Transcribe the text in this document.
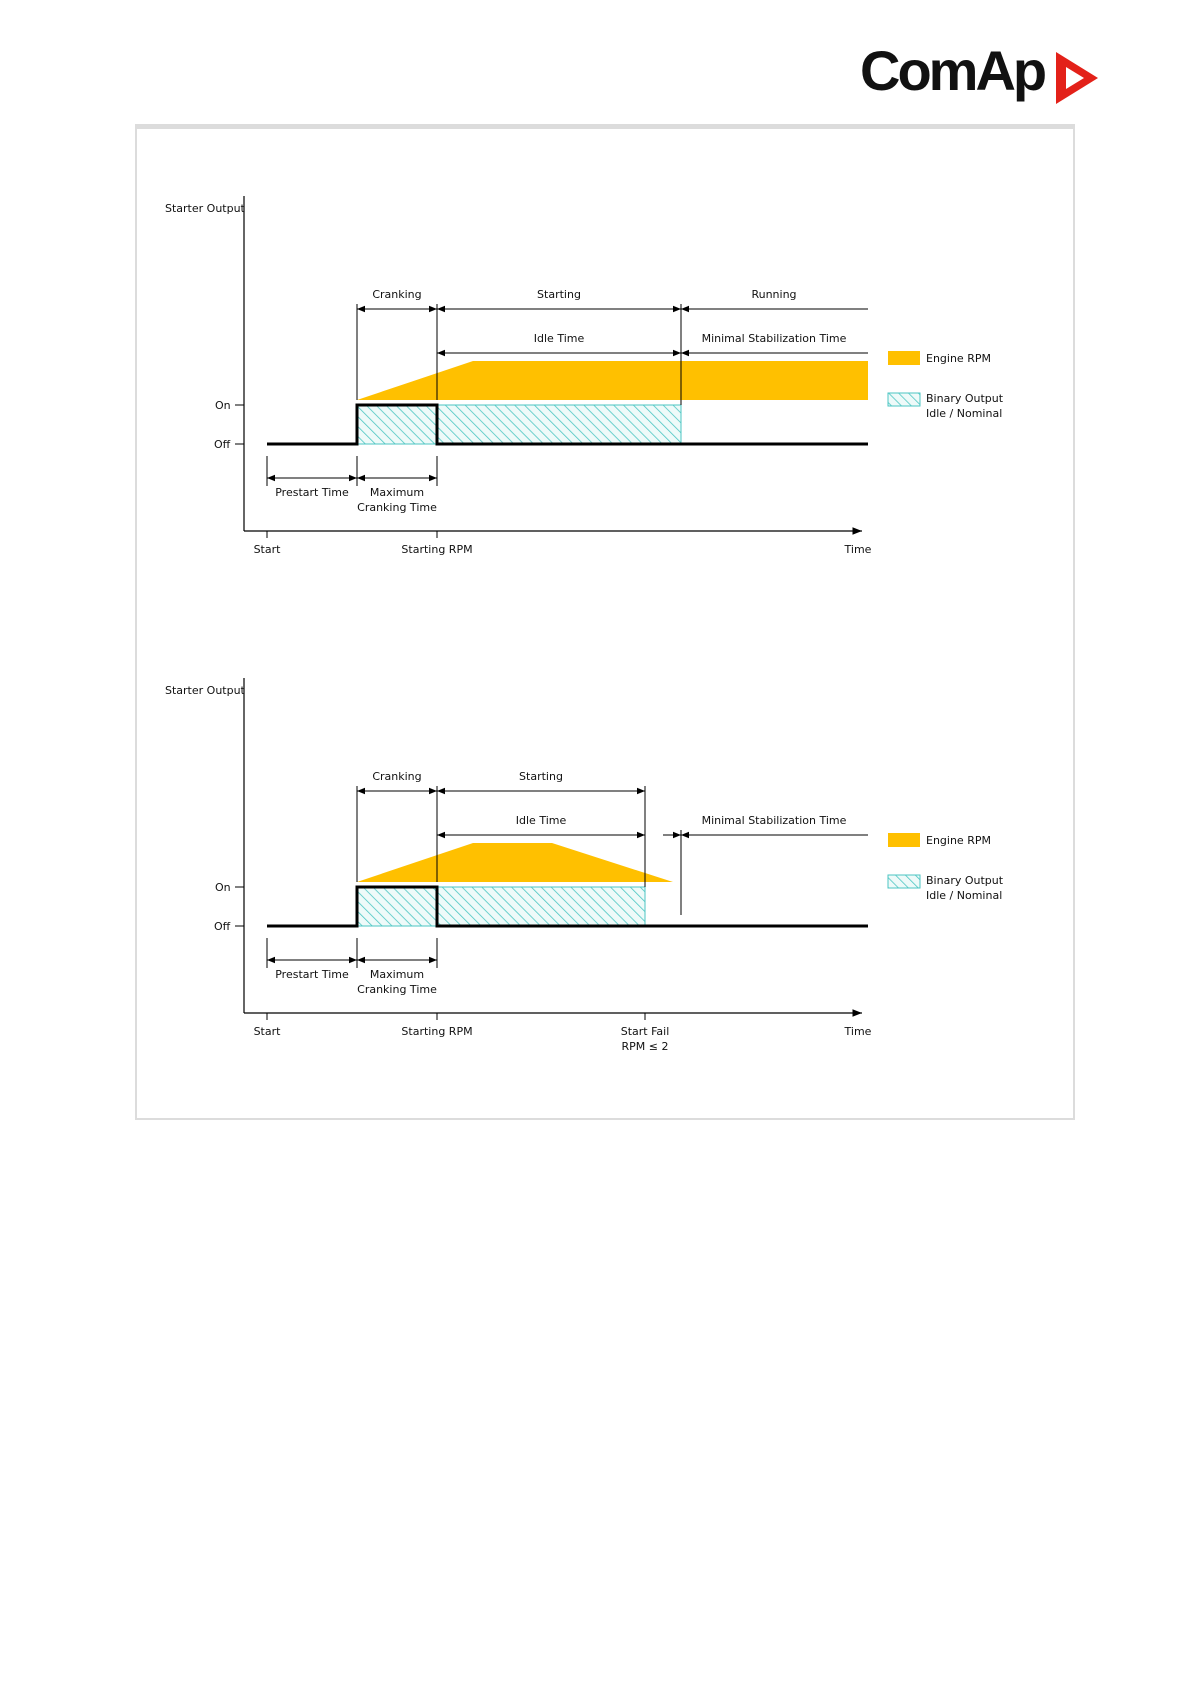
ComAp
Starter Output
On
Off
Cranking	Starting	Running
Idle Time	Minimal Stabilization Time
Prestart Time Maximum
Cranking Time
Start	Starting RPM	Time
Engine RPM
Binary Output
Idle / Nominal
Starter Output
On
Off
Cranking	Starting
Idle Time	Minimal Stabilization Time
Prestart Time Maximum
Cranking Time
Start	Starting RPM	Start Fail
RPM ≤ 2
Time
Engine RPM
Binary Output
Idle / Nominal
